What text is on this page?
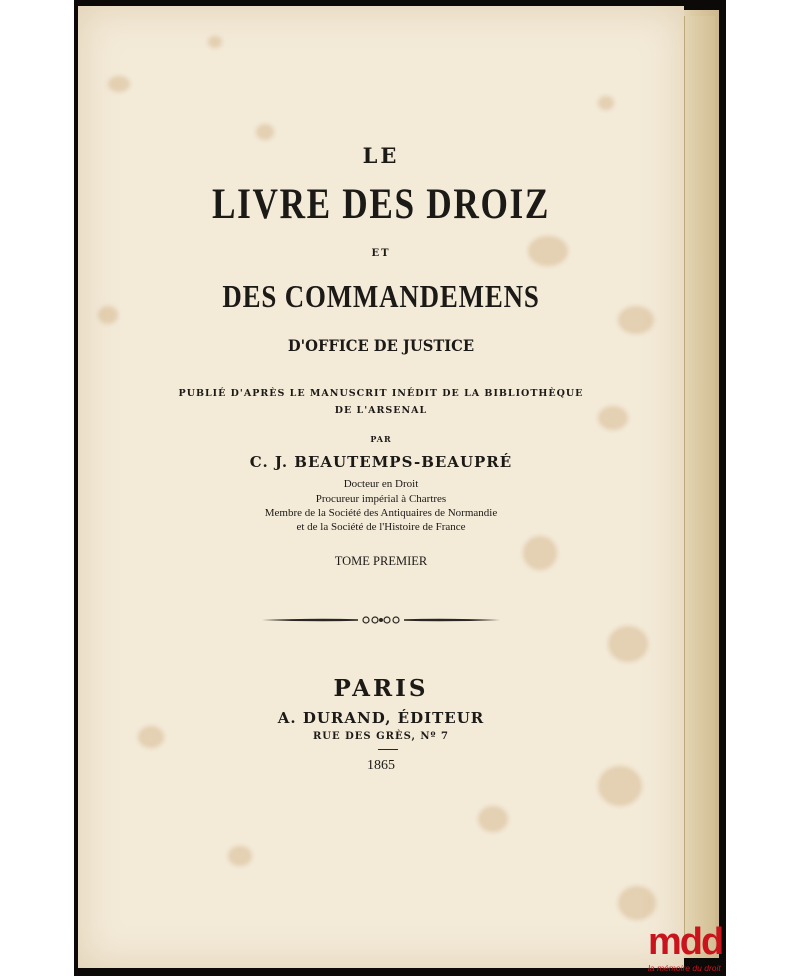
LE
LIVRE DES DROIZ
ET
DES COMMANDEMENS
D'OFFICE DE JUSTICE
PUBLIÉ D'APRÈS LE MANUSCRIT INÉDIT DE LA BIBLIOTHÈQUE
DE L'ARSENAL
PAR
C. J. BEAUTEMPS-BEAUPRÉ
Docteur en Droit
Procureur impérial à Chartres
Membre de la Société des Antiquaires de Normandie
et de la Société de l'Histoire de France
TOME PREMIER
PARIS
A. DURAND, ÉDITEUR
RUE DES GRÈS, Nº 7
1865
mdd
la mémoire du droit
